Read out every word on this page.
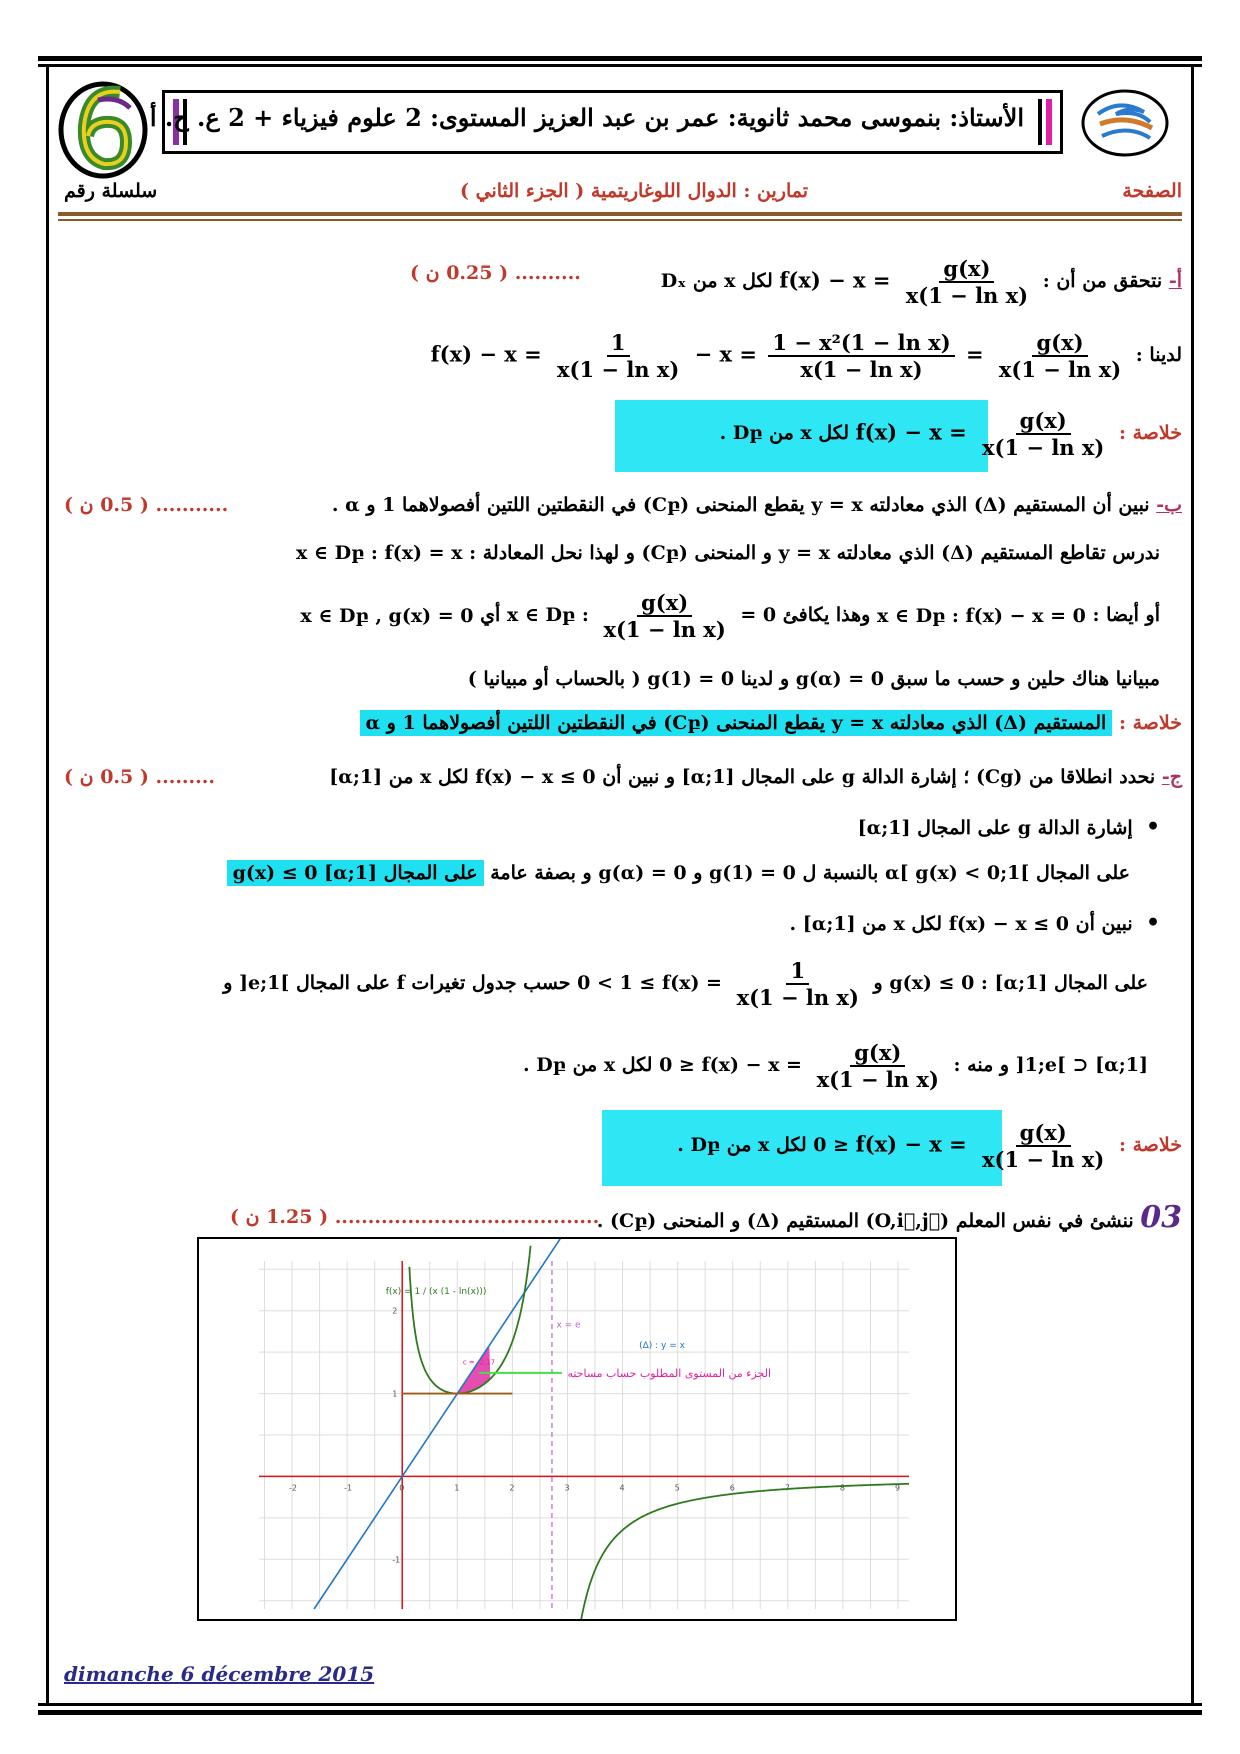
الأستاذ: بنموسى محمد ثانوية: عمر بن عبد العزيز المستوى: 2 علوم فيزياء + 2 ع. ح. أ
الصفحة
تمارين : الدوال اللوغاريتمية ( الجزء الثاني )
سلسلة رقم
أ- نتحقق من أن : $f(x) - x = \frac{g(x)}{\text{x(1 − ln x)}}$
لكل x من Dₓ
.......... ( 0.25 ن )
لدينا : $f(x) - x = \frac{1}{\text{x(1 − ln x)}} - x = \frac{\text{1 − x²(1 − ln x)}}{\text{x(1 − ln x)}} = \frac{g(x)}{\text{x(1 − ln x)}}$
خلاصة : $f(x) - x = \frac{g(x)}{\text{x(1 − ln x)}}$
لكل x من Dբ .
ب- نبين أن المستقيم (Δ) الذي معادلته y = x يقطع المنحنى (Cբ) في النقطتين اللتين أفصولاهما 1 و α .
........... ( 0.5 ن )
ندرس تقاطع المستقيم (Δ) الذي معادلته y = x و المنحنى (Cբ) و لهذا نحل المعادلة : x ∈ Dբ : f(x) = x
أو أيضا : x ∈ Dբ : f(x) − x = 0 وهذا يكافئ x ∈ Dբ : $\frac{g(x)}{\text{x(1 − ln x)}} = 0$ أي x ∈ Dբ , g(x) = 0
مبيانيا هناك حلين و حسب ما سبق g(α) = 0 و لدينا g(1) = 0 ( بالحساب أو مبيانيا )
خلاصة : المستقيم (Δ) الذي معادلته y = x يقطع المنحنى (Cբ) في النقطتين اللتين أفصولاهما 1 و α
ج- نحدد انطلاقا من (Cg) ؛ إشارة الدالة g على المجال [1;α] و نبين أن f(x) − x ≤ 0 لكل x من [1;α]
......... ( 0.5 ن )
•  إشارة الدالة g على المجال [1;α]
على المجال ]1;α[ g(x) < 0 بالنسبة ل g(1) = 0 و g(α) = 0 و بصفة عامة على المجال [1;α] g(x) ≤ 0
•  نبين أن f(x) − x ≤ 0 لكل x من [1;α] .
على المجال [1;α] : g(x) ≤ 0 و $f(x) = \frac{1}{\text{x(1 − ln x)}}$
≥ 1 > 0 حسب جدول تغيرات f على المجال ]1;e[ و
[1;α] ⊂ ]1;e[ و منه : $f(x) - x = \frac{g(x)}{\text{x(1 − ln x)}}$
≤ 0 لكل x من Dբ .
خلاصة : $f(x) - x = \frac{g(x)}{\text{x(1 − ln x)}}$
≤ 0 لكل x من Dբ .
03 ننشئ في نفس المعلم (O,i⃗,j⃗) المستقيم (Δ) و المنحنى (Cբ) .
........................................ ( 1.25 ن )
-2	-1	0	1	2	3	4	5	6	7	8	9
-1
1
2
f(x) = 1 / (x (1 - ln(x)))
x = e
(Δ) : y = x
c = -2.17
الجزء من المستوى المطلوب حساب مساحته
dimanche 6 décembre 2015
